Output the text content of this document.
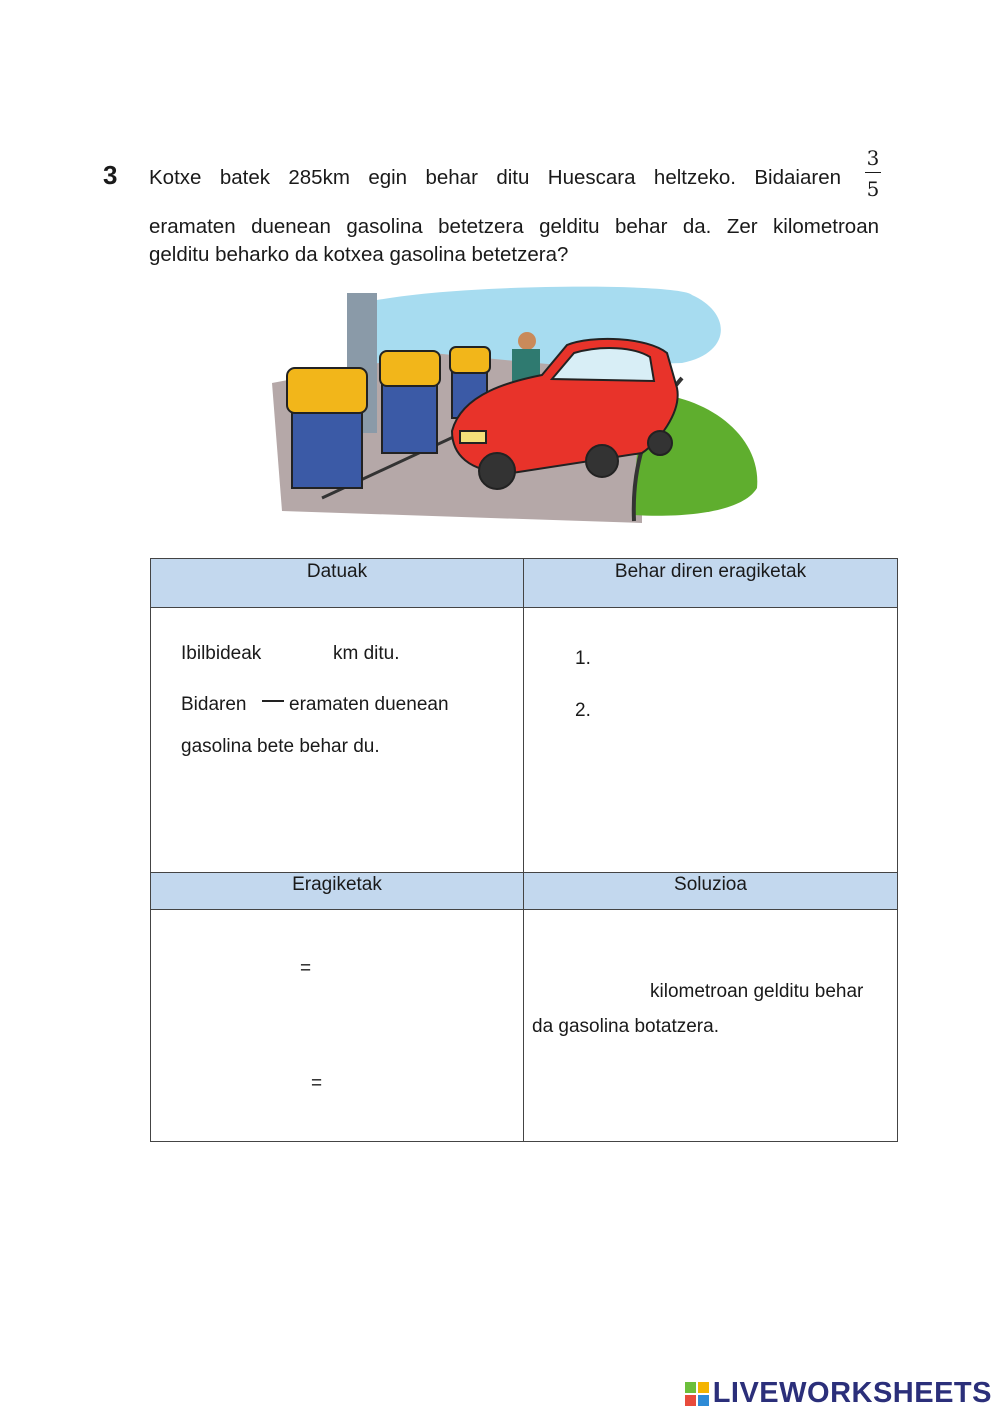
3 Kotxe batek 285km egin behar ditu Huescara heltzeko. Bidaiaren
3
5
eramaten duenean gasolina betetzera gelditu behar da. Zer kilometroan
gelditu beharko da kotxea gasolina betetzera?
Datuak	Behar diren eragiketak

Ibilbideak km ditu.
Bidaren eramaten duenean
gasolina bete behar du.	1.
2.

Eragiketak	Soluzioa

=
=	kilometroan gelditu behar
da gasolina botatzera.
LIVEWORKSHEETS
